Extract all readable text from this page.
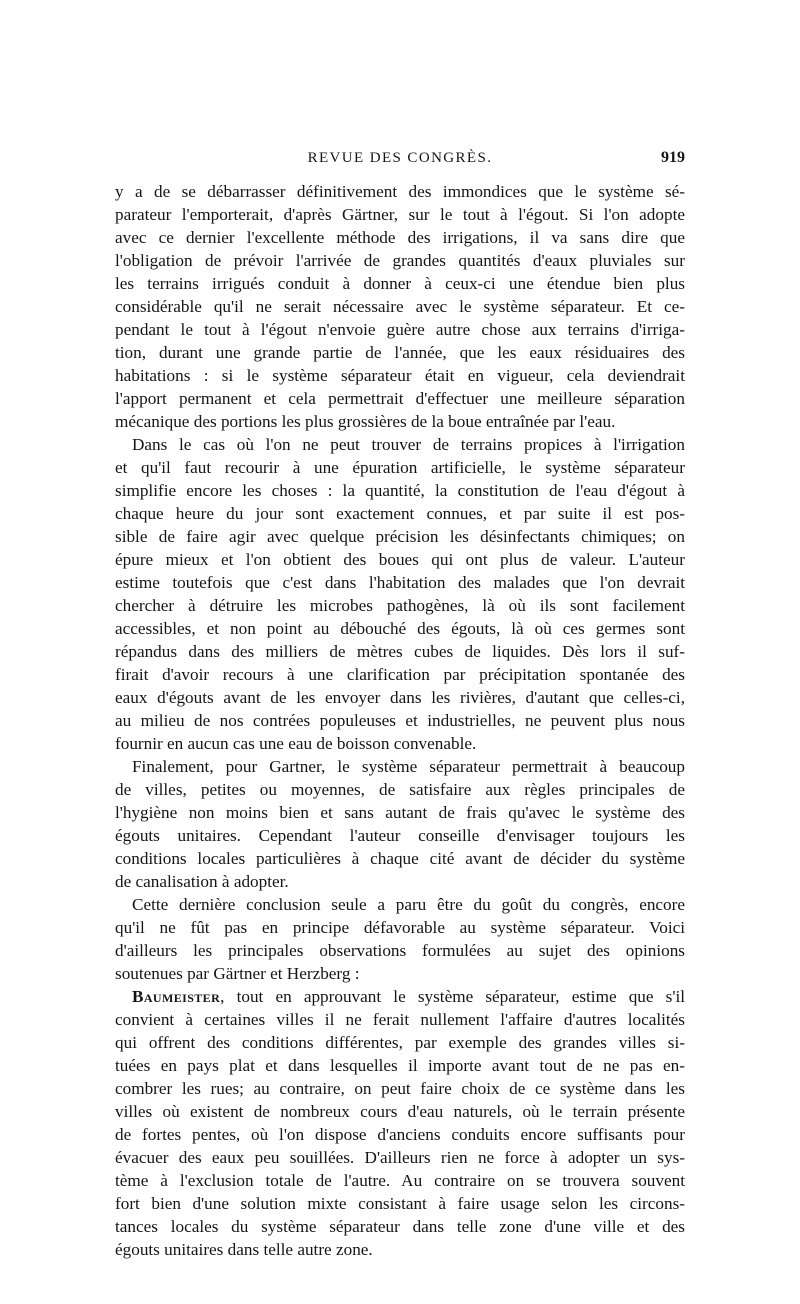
REVUE DES CONGRÈS.	919
y a de se débarrasser définitivement des immondices que le système sé-
parateur l'emporterait, d'après Gärtner, sur le tout à l'égout. Si l'on adopte
avec ce dernier l'excellente méthode des irrigations, il va sans dire que
l'obligation de prévoir l'arrivée de grandes quantités d'eaux pluviales sur
les terrains irrigués conduit à donner à ceux-ci une étendue bien plus
considérable qu'il ne serait nécessaire avec le système séparateur. Et ce-
pendant le tout à l'égout n'envoie guère autre chose aux terrains d'irriga-
tion, durant une grande partie de l'année, que les eaux résiduaires des
habitations : si le système séparateur était en vigueur, cela deviendrait
l'apport permanent et cela permettrait d'effectuer une meilleure séparation
mécanique des portions les plus grossières de la boue entraînée par l'eau.
Dans le cas où l'on ne peut trouver de terrains propices à l'irrigation
et qu'il faut recourir à une épuration artificielle, le système séparateur
simplifie encore les choses : la quantité, la constitution de l'eau d'égout à
chaque heure du jour sont exactement connues, et par suite il est pos-
sible de faire agir avec quelque précision les désinfectants chimiques; on
épure mieux et l'on obtient des boues qui ont plus de valeur. L'auteur
estime toutefois que c'est dans l'habitation des malades que l'on devrait
chercher à détruire les microbes pathogènes, là où ils sont facilement
accessibles, et non point au débouché des égouts, là où ces germes sont
répandus dans des milliers de mètres cubes de liquides. Dès lors il suf-
firait d'avoir recours à une clarification par précipitation spontanée des
eaux d'égouts avant de les envoyer dans les rivières, d'autant que celles-ci,
au milieu de nos contrées populeuses et industrielles, ne peuvent plus nous
fournir en aucun cas une eau de boisson convenable.
Finalement, pour Gartner, le système séparateur permettrait à beaucoup
de villes, petites ou moyennes, de satisfaire aux règles principales de
l'hygiène non moins bien et sans autant de frais qu'avec le système des
égouts unitaires. Cependant l'auteur conseille d'envisager toujours les
conditions locales particulières à chaque cité avant de décider du système
de canalisation à adopter.
Cette dernière conclusion seule a paru être du goût du congrès, encore
qu'il ne fût pas en principe défavorable au système séparateur. Voici
d'ailleurs les principales observations formulées au sujet des opinions
soutenues par Gärtner et Herzberg :
Baumeister, tout en approuvant le système séparateur, estime que s'il
convient à certaines villes il ne ferait nullement l'affaire d'autres localités
qui offrent des conditions différentes, par exemple des grandes villes si-
tuées en pays plat et dans lesquelles il importe avant tout de ne pas en-
combrer les rues; au contraire, on peut faire choix de ce système dans les
villes où existent de nombreux cours d'eau naturels, où le terrain présente
de fortes pentes, où l'on dispose d'anciens conduits encore suffisants pour
évacuer des eaux peu souillées. D'ailleurs rien ne force à adopter un sys-
tème à l'exclusion totale de l'autre. Au contraire on se trouvera souvent
fort bien d'une solution mixte consistant à faire usage selon les circons-
tances locales du système séparateur dans telle zone d'une ville et des
égouts unitaires dans telle autre zone.
